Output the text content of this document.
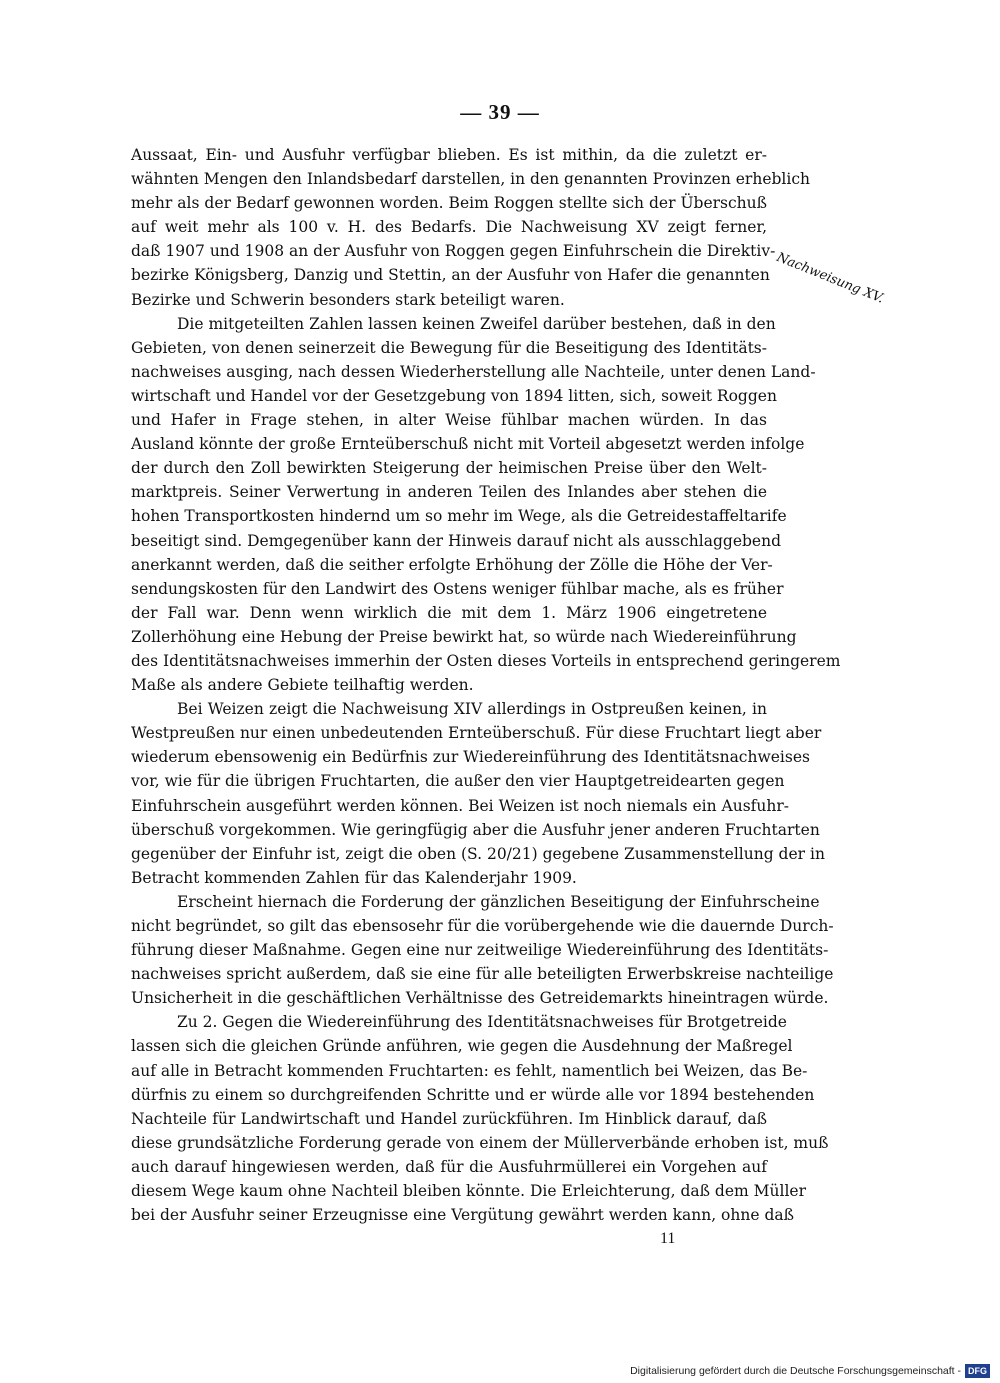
— 39 —
Nachweisung XV.
Aussaat, Ein- und Ausfuhr verfügbar blieben. Es ist mithin, da die zuletzt er-
wähnten Mengen den Inlandsbedarf darstellen, in den genannten Provinzen erheblich
mehr als der Bedarf gewonnen worden. Beim Roggen stellte sich der Überschuß
auf weit mehr als 100 v. H. des Bedarfs. Die Nachweisung XV zeigt ferner,
daß 1907 und 1908 an der Ausfuhr von Roggen gegen Einfuhrschein die Direktiv-
bezirke Königsberg, Danzig und Stettin, an der Ausfuhr von Hafer die genannten
Bezirke und Schwerin besonders stark beteiligt waren.
Die mitgeteilten Zahlen lassen keinen Zweifel darüber bestehen, daß in den
Gebieten, von denen seinerzeit die Bewegung für die Beseitigung des Identitäts-
nachweises ausging, nach dessen Wiederherstellung alle Nachteile, unter denen Land-
wirtschaft und Handel vor der Gesetzgebung von 1894 litten, sich, soweit Roggen
und Hafer in Frage stehen, in alter Weise fühlbar machen würden. In das
Ausland könnte der große Ernteüberschuß nicht mit Vorteil abgesetzt werden infolge
der durch den Zoll bewirkten Steigerung der heimischen Preise über den Welt-
marktpreis. Seiner Verwertung in anderen Teilen des Inlandes aber stehen die
hohen Transportkosten hindernd um so mehr im Wege, als die Getreidestaffeltarife
beseitigt sind. Demgegenüber kann der Hinweis darauf nicht als ausschlaggebend
anerkannt werden, daß die seither erfolgte Erhöhung der Zölle die Höhe der Ver-
sendungskosten für den Landwirt des Ostens weniger fühlbar mache, als es früher
der Fall war. Denn wenn wirklich die mit dem 1. März 1906 eingetretene
Zollerhöhung eine Hebung der Preise bewirkt hat, so würde nach Wiedereinführung
des Identitätsnachweises immerhin der Osten dieses Vorteils in entsprechend geringerem
Maße als andere Gebiete teilhaftig werden.
Bei Weizen zeigt die Nachweisung XIV allerdings in Ostpreußen keinen, in
Westpreußen nur einen unbedeutenden Ernteüberschuß. Für diese Fruchtart liegt aber
wiederum ebensowenig ein Bedürfnis zur Wiedereinführung des Identitätsnachweises
vor, wie für die übrigen Fruchtarten, die außer den vier Hauptgetreidearten gegen
Einfuhrschein ausgeführt werden können. Bei Weizen ist noch niemals ein Ausfuhr-
überschuß vorgekommen. Wie geringfügig aber die Ausfuhr jener anderen Fruchtarten
gegenüber der Einfuhr ist, zeigt die oben (S. 20/21) gegebene Zusammenstellung der in
Betracht kommenden Zahlen für das Kalenderjahr 1909.
Erscheint hiernach die Forderung der gänzlichen Beseitigung der Einfuhrscheine
nicht begründet, so gilt das ebensosehr für die vorübergehende wie die dauernde Durch-
führung dieser Maßnahme. Gegen eine nur zeitweilige Wiedereinführung des Identitäts-
nachweises spricht außerdem, daß sie eine für alle beteiligten Erwerbskreise nachteilige
Unsicherheit in die geschäftlichen Verhältnisse des Getreidemarkts hineintragen würde.
Zu 2. Gegen die Wiedereinführung des Identitätsnachweises für Brotgetreide
lassen sich die gleichen Gründe anführen, wie gegen die Ausdehnung der Maßregel
auf alle in Betracht kommenden Fruchtarten: es fehlt, namentlich bei Weizen, das Be-
dürfnis zu einem so durchgreifenden Schritte und er würde alle vor 1894 bestehenden
Nachteile für Landwirtschaft und Handel zurückführen. Im Hinblick darauf, daß
diese grundsätzliche Forderung gerade von einem der Müllerverbände erhoben ist, muß
auch darauf hingewiesen werden, daß für die Ausfuhrmüllerei ein Vorgehen auf
diesem Wege kaum ohne Nachteil bleiben könnte. Die Erleichterung, daß dem Müller
bei der Ausfuhr seiner Erzeugnisse eine Vergütung gewährt werden kann, ohne daß
11
Digitalisierung gefördert durch die Deutsche Forschungsgemeinschaft - DFG
